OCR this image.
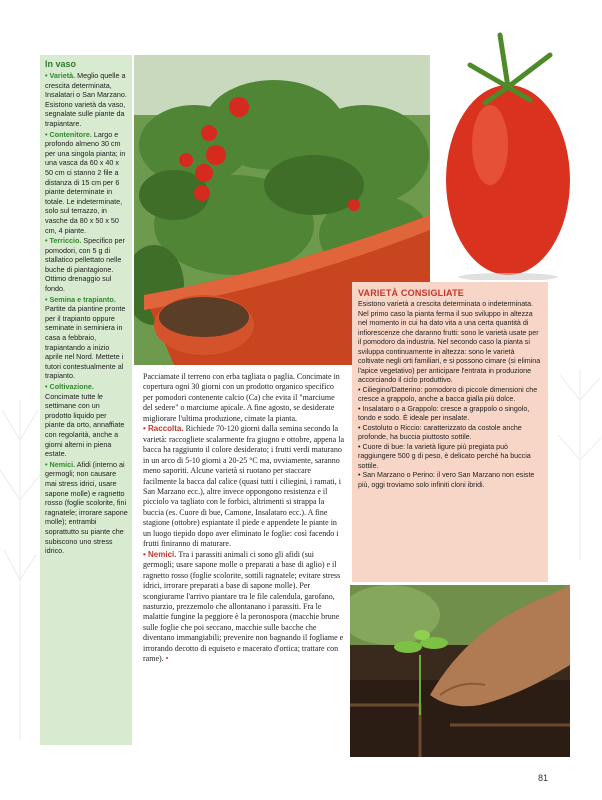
In vaso
• Varietà. Meglio quelle a crescita determinata, Insalatari o San Marzano. Esistono varietà da vaso, segnalate sulle piante da trapiantare.
• Contenitore. Largo e profondo almeno 30 cm per una singola pianta; in una vasca da 60 x 40 x 50 cm ci stanno 2 file a distanza di 15 cm per 6 piante determinate in totale. Le indeterminate, solo sul terrazzo, in vasche da 80 x 50 x 50 cm, 4 piante.
• Terriccio. Specifico per pomodori, con 5 g di stallatico pellettato nelle buche di piantagione. Ottimo drenaggio sul fondo.
• Semina e trapianto. Partite da piantine pronte per il trapianto oppure seminate in seminiera in casa a febbraio, trapiantando a inizio aprile nel Nord. Mettete i tutori contestualmente al trapianto.
• Coltivazione. Concimate tutte le settimane con un prodotto liquido per piante da orto, annaffiate con regolarità, anche a giorni alterni in piena estate.
• Nemici. Afidi (interno ai germogli; non causare mai stress idrici, usare sapone molle) e ragnetto rosso (foglie scolorite, fini ragnatele; irrorare sapone molle); entrambi soprattutto su piante che subiscono uno stress idrico.
VARIETÀ CONSIGLIATE

Esistono varietà a crescita determinata o indeterminata. Nel primo caso la pianta ferma il suo sviluppo in altezza nel momento in cui ha dato vita a una certa quantità di infiorescenze che daranno frutti: sono le varietà usate per il pomodoro da industria. Nel secondo caso la pianta si sviluppa continuamente in altezza: sono le varietà coltivate negli orti familiari, e si possono cimare (si elimina l'apice vegetativo) per anticipare l'entrata in produzione accorciando il ciclo produttivo.

• Ciliegino/Datterino: pomodoro di piccole dimensioni che cresce a grappolo, anche a bacca gialla più dolce.

• Insalataro o a Grappolo: cresce a grappolo o singolo, tondo e sodo. È ideale per insalate.

• Costoluto o Riccio: caratterizzato da costole anche profonde, ha buccia piuttosto sottile.

• Cuore di bue: la varietà ligure più pregiata può raggiungere 500 g di peso, è delicato perché ha buccia sottile.

• San Marzano o Perino: il vero San Marzano non esiste più, oggi troviamo solo infiniti cloni ibridi.

Pacciamate il terreno con erba tagliata o paglia. Concimate in copertura ogni 30 giorni con un prodotto organico specifico per pomodori contenente calcio (Ca) che evita il "marciume del sedere" o marciume apicale. A fine agosto, se desiderate migliorare l'ultima produzione, cimate la pianta.

• Raccolta. Richiede 70-120 giorni dalla semina secondo la varietà: raccogliete scalarmente fra giugno e ottobre, appena la bacca ha raggiunto il colore desiderato; i frutti verdi maturano in un arco di 5-10 giorni a 20-25 °C ma, ovviamente, saranno meno saporiti. Alcune varietà si ruotano per staccare facilmente la bacca dal calice (quasi tutti i ciliegini, i ramati, i San Marzano ecc.), altre invece oppongono resistenza e il picciolo va tagliato con le forbici, altrimenti si strappa la buccia (es. Cuore di bue, Camone, Insalataro ecc.). A fine stagione (ottobre) espiantate il piede e appendete le piante in un luogo tiepido dopo aver eliminato le foglie: così facendo i frutti finiranno di maturare.

• Nemici. Tra i parassiti animali ci sono gli afidi (sui germogli; usare sapone molle o preparati a base di aglio) e il ragnetto rosso (foglie scolorite, sottili ragnatele; evitare stress idrici, irrorare preparati a base di sapone molle). Per scongiurarne l'arrivo piantare tra le file calendula, garofano, nasturzio, prezzemolo che allontanano i parassiti. Fra le malattie fungine la peggiore è la peronospora (macchie brune sulle foglie che poi seccano, macchie sulle bacche che diventano immangiabili; prevenire non bagnando il fogliame e irrorando decotto di equiseto e macerato d'ortica; trattare con rame). •

81
